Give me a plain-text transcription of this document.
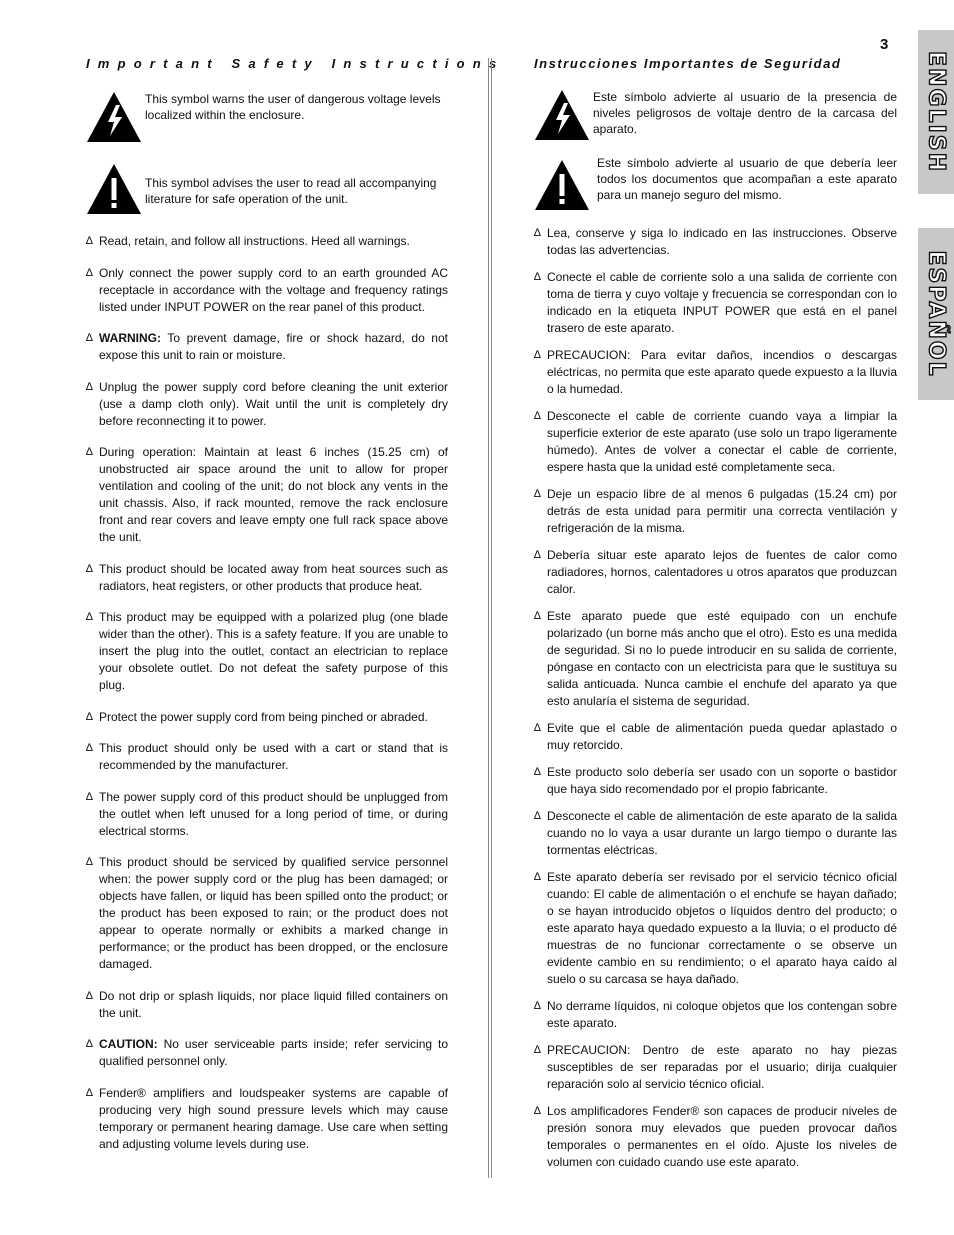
3
Important Safety Instructions
This symbol warns the user of dangerous voltage levels localized within the enclosure.
This symbol advises the user to read all accompanying literature for safe operation of the unit.
∆ Read, retain, and follow all instructions. Heed all warnings.
∆ Only connect the power supply cord to an earth grounded AC receptacle in accordance with the voltage and frequency ratings listed under INPUT POWER on the rear panel of this product.
∆ WARNING: To prevent damage, fire or shock hazard, do not expose this unit to rain or moisture.
∆ Unplug the power supply cord before cleaning the unit exterior (use a damp cloth only). Wait until the unit is completely dry before reconnecting it to power.
∆ During operation: Maintain at least 6 inches (15.25 cm) of unobstructed air space around the unit to allow for proper ventilation and cooling of the unit; do not block any vents in the unit chassis. Also, if rack mounted, remove the rack enclosure front and rear covers and leave empty one full rack space above the unit.
∆ This product should be located away from heat sources such as radiators, heat registers, or other products that produce heat.
∆ This product may be equipped with a polarized plug (one blade wider than the other). This is a safety feature. If you are unable to insert the plug into the outlet, contact an electrician to replace your obsolete outlet. Do not defeat the safety purpose of this plug.
∆ Protect the power supply cord from being pinched or abraded.
∆ This product should only be used with a cart or stand that is recommended by the manufacturer.
∆ The power supply cord of this product should be unplugged from the outlet when left unused for a long period of time, or during electrical storms.
∆ This product should be serviced by qualified service personnel when: the power supply cord or the plug has been damaged; or objects have fallen, or liquid has been spilled onto the product; or the product has been exposed to rain; or the product does not appear to operate normally or exhibits a marked change in performance; or the product has been dropped, or the enclosure damaged.
∆ Do not drip or splash liquids, nor place liquid filled containers on the unit.
∆ CAUTION: No user serviceable parts inside; refer servicing to qualified personnel only.
∆ Fender® amplifiers and loudspeaker systems are capable of producing very high sound pressure levels which may cause temporary or permanent hearing damage. Use care when setting and adjusting volume levels during use.
Instrucciones Importantes de Seguridad
Este símbolo advierte al usuario de la presencia de niveles peligrosos de voltaje dentro de la carcasa del aparato.
Este símbolo advierte al usuario de que debería leer todos los documentos que acompañan a este aparato para un manejo seguro del mismo.
∆ Lea, conserve y siga lo indicado en las instrucciones. Observe todas las advertencias.
∆ Conecte el cable de corriente solo a una salida de corriente con toma de tierra y cuyo voltaje y frecuencia se correspondan con lo indicado en la etiqueta INPUT POWER que está en el panel trasero de este aparato.
∆ PRECAUCION: Para evitar daños, incendios o descargas eléctricas, no permita que este aparato quede expuesto a la lluvia o la humedad.
∆ Desconecte el cable de corriente cuando vaya a limpiar la superficie exterior de este aparato (use solo un trapo ligeramente húmedo). Antes de volver a conectar el cable de corriente, espere hasta que la unidad esté completamente seca.
∆ Deje un espacio libre de al menos 6 pulgadas (15.24 cm) por detrás de esta unidad para permitir una correcta ventilación y refrigeración de la misma.
∆ Debería situar este aparato lejos de fuentes de calor como radiadores, hornos, calentadores u otros aparatos que produzcan calor.
∆ Este aparato puede que esté equipado con un enchufe polarizado (un borne más ancho que el otro). Esto es una medida de seguridad. Si no lo puede introducir en su salida de corriente, póngase en contacto con un electricista para que le sustituya su salida anticuada. Nunca cambie el enchufe del aparato ya que esto anularía el sistema de seguridad.
∆ Evite que el cable de alimentación pueda quedar aplastado o muy retorcido.
∆ Este producto solo debería ser usado con un soporte o bastidor que haya sido recomendado por el propio fabricante.
∆ Desconecte el cable de alimentación de este aparato de la salida cuando no lo vaya a usar durante un largo tiempo o durante las tormentas eléctricas.
∆ Este aparato debería ser revisado por el servicio técnico oficial cuando: El cable de alimentación o el enchufe se hayan dañado; o se hayan introducido objetos o líquidos dentro del producto; o este aparato haya quedado expuesto a la lluvia; o el producto dé muestras de no funcionar correctamente o se observe un evidente cambio en su rendimiento; o el aparato haya caído al suelo o su carcasa se haya dañado.
∆ No derrame líquidos, ni coloque objetos que los contengan sobre este aparato.
∆ PRECAUCION: Dentro de este aparato no hay piezas susceptibles de ser reparadas por el usuario; dirija cualquier reparación solo al servicio técnico oficial.
∆ Los amplificadores Fender® son capaces de producir niveles de presión sonora muy elevados que pueden provocar daños temporales o permanentes en el oído. Ajuste los niveles de volumen con cuidado cuando use este aparato.
ENGLISH
ESPAÑOL
